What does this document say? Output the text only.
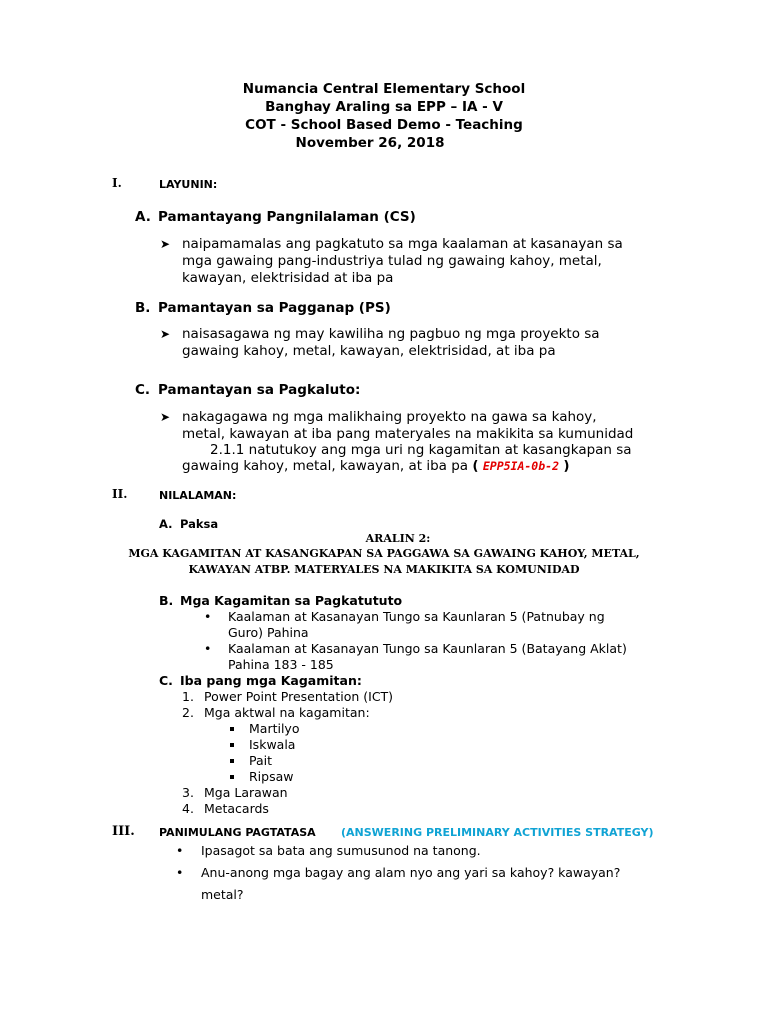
Numancia Central Elementary School
Banghay Araling sa EPP – IA - V
COT - School Based Demo - Teaching
November 26, 2018
I.	LAYUNIN:
A. Pamantayang Pangnilalaman (CS)
➤ naipamamalas ang pagkatuto sa mga kaalaman at kasanayan sa
mga gawaing pang-industriya tulad ng gawaing kahoy, metal,
kawayan, elektrisidad at iba pa
B. Pamantayan sa Pagganap (PS)
➤ naisasagawa ng may kawiliha ng pagbuo ng mga proyekto sa
gawaing kahoy, metal, kawayan, elektrisidad, at iba pa
C. Pamantayan sa Pagkaluto:
➤ nakagagawa ng mga malikhaing proyekto na gawa sa kahoy,
metal, kawayan at iba pang materyales na makikita sa kumunidad
2.1.1 natutukoy ang mga uri ng kagamitan at kasangkapan sa
gawaing kahoy, metal, kawayan, at iba pa ( EPP5IA-0b-2 )
II.	NILALAMAN:
A. Paksa
ARALIN 2:
MGA KAGAMITAN AT KASANGKAPAN SA PAGGAWA SA GAWAING KAHOY, METAL,
KAWAYAN ATBP. MATERYALES NA MAKIKITA SA KOMUNIDAD
B. Mga Kagamitan sa Pagkatututo
• Kaalaman at Kasanayan Tungo sa Kaunlaran 5 (Patnubay ng
Guro) Pahina
• Kaalaman at Kasanayan Tungo sa Kaunlaran 5 (Batayang Aklat)
Pahina 183 - 185
C. Iba pang mga Kagamitan:
1. Power Point Presentation (ICT)
2. Mga aktwal na kagamitan:
Martilyo
Iskwala
Pait
Ripsaw
3. Mga Larawan
4. Metacards
III. PANIMULANG PAGTATASA (ANSWERING PRELIMINARY ACTIVITIES STRATEGY)
• Ipasagot sa bata ang sumusunod na tanong.
• Anu-anong mga bagay ang alam nyo ang yari sa kahoy? kawayan?
metal?
